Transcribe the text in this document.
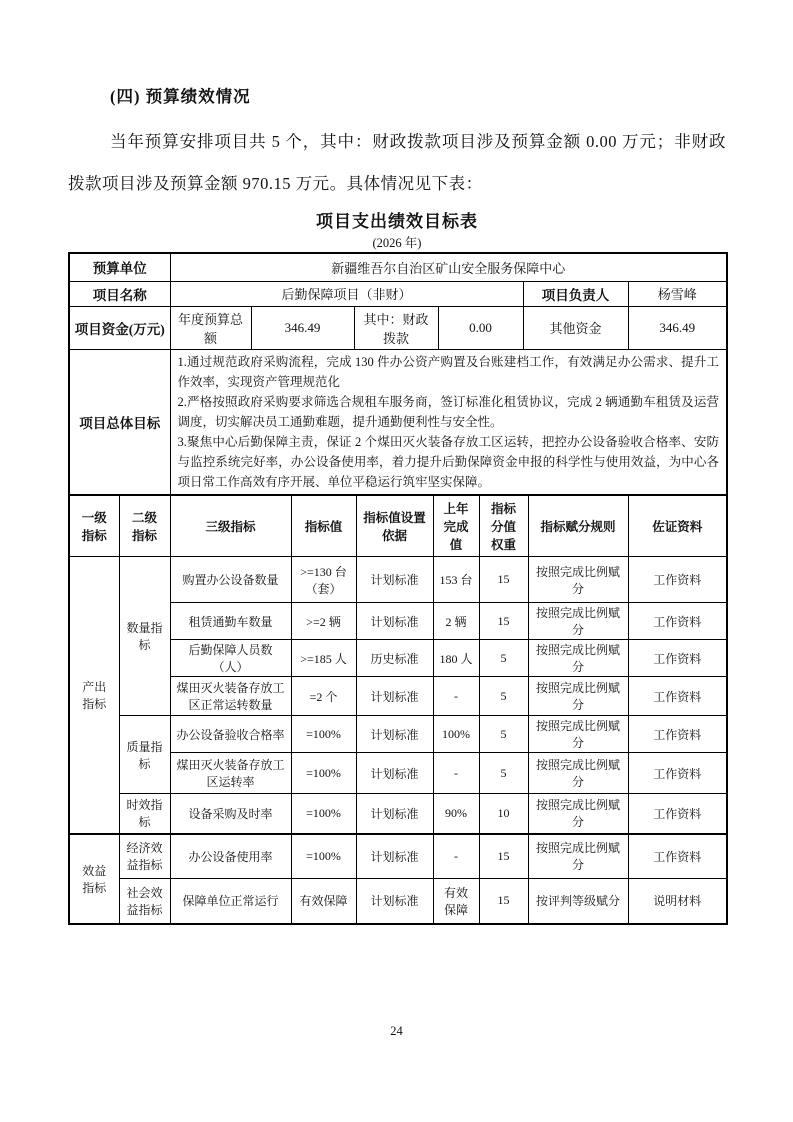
(四) 预算绩效情况

当年预算安排项目共 5 个，其中：财政拨款项目涉及预算金额 0.00 万元；非财政拨款项目涉及预算金额 970.15 万元。具体情况见下表：

项目支出绩效目标表

(2026 年)

预算单位	新疆维吾尔自治区矿山安全服务保障中心					
项目名称	后勤保障项目（非财）				项目负责人	杨雪峰
项目资金(万元)	年度预算总额	346.49	其中：财政拨款	0.00	其他资金	346.49
项目总体目标	1.通过规范政府采购流程，完成 130 件办公资产购置及台账建档工作，有效满足办公需求、提升工作效率，实现资产管理规范化

2.严格按照政府采购要求筛选合规租车服务商，签订标准化租赁协议，完成 2 辆通勤车租赁及运营调度，切实解决员工通勤难题，提升通勤便利性与安全性。

3.聚焦中心后勤保障主责，保证 2 个煤田灭火装备存放工区运转，把控办公设备验收合格率、安防与监控系统完好率，办公设备使用率，着力提升后勤保障资金申报的科学性与使用效益，为中心各项日常工作高效有序开展、单位平稳运行筑牢坚实保障。					

一级指标	二级指标	三级指标	指标值	指标值设置依据	上年完成值	指标分值权重	指标赋分规则	佐证资料
产出指标	数量指标	购置办公设备数量	>=130 台（套）	计划标准	153 台	15	按照完成比例赋分	工作资料
		租赁通勤车数量	>=2 辆	计划标准	2 辆	15	按照完成比例赋分	工作资料
		后勤保障人员数（人）	>=185 人	历史标准	180 人	5	按照完成比例赋分	工作资料
		煤田灭火装备存放工区正常运转数量	=2 个	计划标准	-	5	按照完成比例赋分	工作资料
	质量指标	办公设备验收合格率	=100%	计划标准	100%	5	按照完成比例赋分	工作资料
		煤田灭火装备存放工区运转率	=100%	计划标准	-	5	按照完成比例赋分	工作资料
	时效指标	设备采购及时率	=100%	计划标准	90%	10	按照完成比例赋分	工作资料
效益指标	经济效益指标	办公设备使用率	=100%	计划标准	-	15	按照完成比例赋分	工作资料
	社会效益指标	保障单位正常运行	有效保障	计划标准	有效保障	15	按评判等级赋分	说明材料
24
